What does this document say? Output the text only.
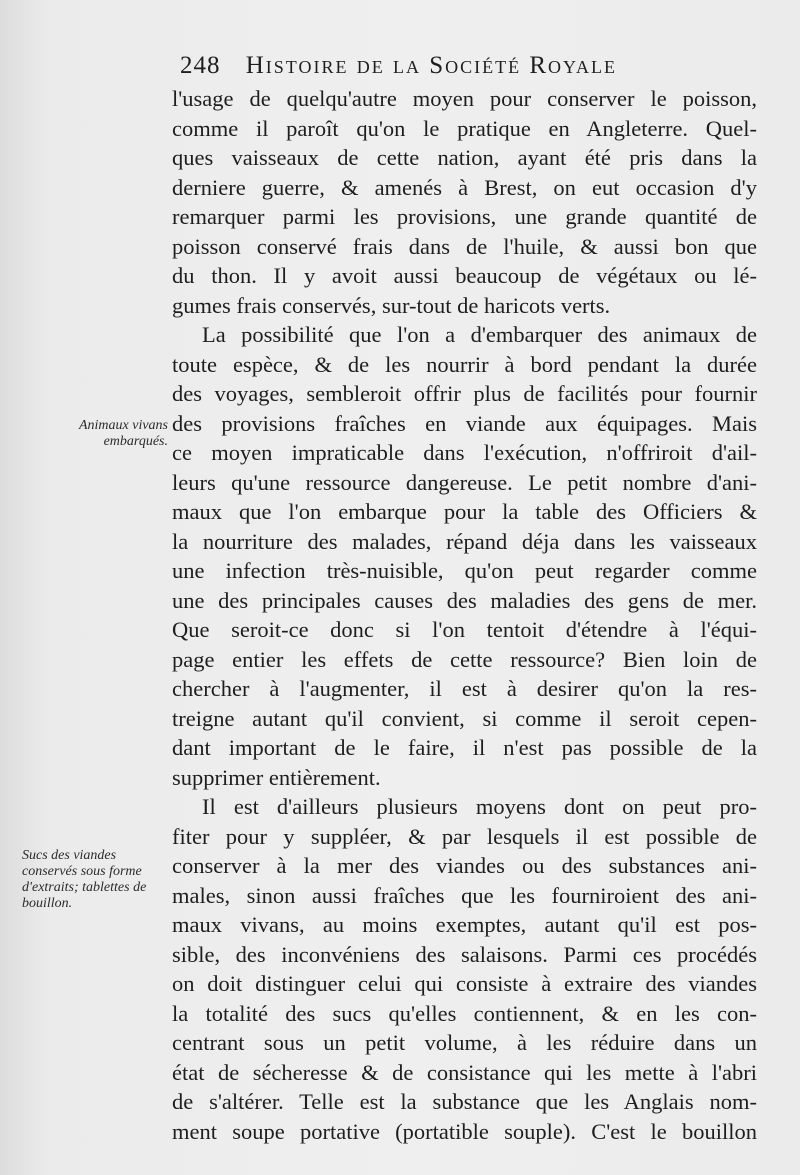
248 Histoire de la Société Royale
l'usage de quelqu'autre moyen pour conserver le poisson,
comme il paroît qu'on le pratique en Angleterre. Quel-
ques vaisseaux de cette nation, ayant été pris dans la
derniere guerre, & amenés à Brest, on eut occasion d'y
remarquer parmi les provisions, une grande quantité de
poisson conservé frais dans de l'huile, & aussi bon que
du thon. Il y avoit aussi beaucoup de végétaux ou lé-
gumes frais conservés, sur-tout de haricots verts.
La possibilité que l'on a d'embarquer des animaux de
toute espèce, & de les nourrir à bord pendant la durée
des voyages, sembleroit offrir plus de facilités pour fournir
des provisions fraîches en viande aux équipages. Mais
ce moyen impraticable dans l'exécution, n'offriroit d'ail-
leurs qu'une ressource dangereuse. Le petit nombre d'ani-
maux que l'on embarque pour la table des Officiers &
la nourriture des malades, répand déja dans les vaisseaux
une infection très-nuisible, qu'on peut regarder comme
une des principales causes des maladies des gens de mer.
Que seroit-ce donc si l'on tentoit d'étendre à l'équi-
page entier les effets de cette ressource? Bien loin de
chercher à l'augmenter, il est à desirer qu'on la res-
treigne autant qu'il convient, si comme il seroit cepen-
dant important de le faire, il n'est pas possible de la
supprimer entièrement.
Il est d'ailleurs plusieurs moyens dont on peut pro-
fiter pour y suppléer, & par lesquels il est possible de
conserver à la mer des viandes ou des substances ani-
males, sinon aussi fraîches que les fourniroient des ani-
maux vivans, au moins exemptes, autant qu'il est pos-
sible, des inconvéniens des salaisons. Parmi ces procédés
on doit distinguer celui qui consiste à extraire des viandes
la totalité des sucs qu'elles contiennent, & en les con-
centrant sous un petit volume, à les réduire dans un
état de sécheresse & de consistance qui les mette à l'abri
de s'altérer. Telle est la substance que les Anglais nom-
ment soupe portative (portatible souple). C'est le bouillon
Animaux vivans embarqués.
Sucs des viandes conservés sous forme d'extraits; tablettes de bouillon.
